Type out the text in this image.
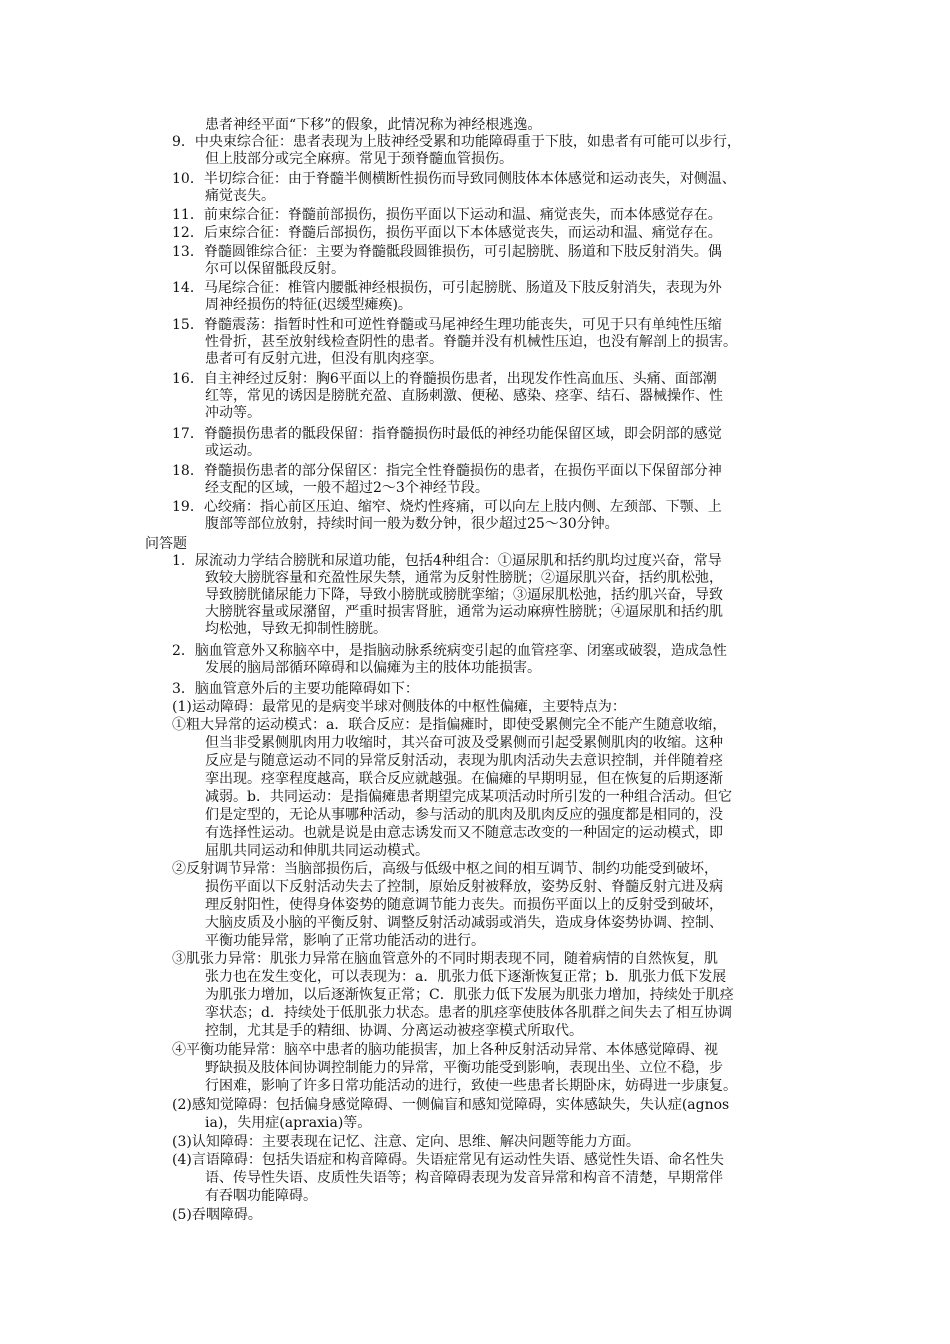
患者神经平面“下移”的假象，此情况称为神经根逃逸。
9．中央束综合征：患者表现为上肢神经受累和功能障碍重于下肢，如患者有可能可以步行，
但上肢部分或完全麻痹。常见于颈脊髓血管损伤。
10．半切综合征：由于脊髓半侧横断性损伤而导致同侧肢体本体感觉和运动丧失，对侧温、
痛觉丧失。
11．前束综合征：脊髓前部损伤，损伤平面以下运动和温、痛觉丧失，而本体感觉存在。
12．后束综合征：脊髓后部损伤，损伤平面以下本体感觉丧失，而运动和温、痛觉存在。
13．脊髓圆锥综合征：主要为脊髓骶段圆锥损伤，可引起膀胱、肠道和下肢反射消失。偶
尔可以保留骶段反射。
14．马尾综合征：椎管内腰骶神经根损伤，可引起膀胱、肠道及下肢反射消失，表现为外
周神经损伤的特征(迟缓型瘫痪)。
15．脊髓震荡：指暂时性和可逆性脊髓或马尾神经生理功能丧失，可见于只有单纯性压缩
性骨折，甚至放射线检查阴性的患者。脊髓并没有机械性压迫，也没有解剖上的损害。
患者可有反射亢进，但没有肌肉痉挛。
16．自主神经过反射：胸6平面以上的脊髓损伤患者，出现发作性高血压、头痛、面部潮
红等，常见的诱因是膀胱充盈、直肠刺激、便秘、感染、痉挛、结石、器械操作、性
冲动等。
17．脊髓损伤患者的骶段保留：指脊髓损伤时最低的神经功能保留区域，即会阴部的感觉
或运动。
18．脊髓损伤患者的部分保留区：指完全性脊髓损伤的患者，在损伤平面以下保留部分神
经支配的区域，一般不超过2～3个神经节段。
19．心绞痛：指心前区压迫、缩窄、烧灼性疼痛，可以向左上肢内侧、左颈部、下颚、上
腹部等部位放射，持续时间一般为数分钟，很少超过25～30分钟。
问答题
1．尿流动力学结合膀胱和尿道功能，包括4种组合：①逼尿肌和括约肌均过度兴奋，常导
致较大膀胱容量和充盈性尿失禁，通常为反射性膀胱；②逼尿肌兴奋，括约肌松弛，
导致膀胱储尿能力下降，导致小膀胱或膀胱挛缩；③逼尿肌松弛，括约肌兴奋，导致
大膀胱容量或尿潴留，严重时损害肾脏，通常为运动麻痹性膀胱；④逼尿肌和括约肌
均松弛，导致无抑制性膀胱。
2．脑血管意外又称脑卒中，是指脑动脉系统病变引起的血管痉挛、闭塞或破裂，造成急性
发展的脑局部循环障碍和以偏瘫为主的肢体功能损害。
3．脑血管意外后的主要功能障碍如下：
(1)运动障碍：最常见的是病变半球对侧肢体的中枢性偏瘫，主要特点为：
①粗大异常的运动模式：a．联合反应：是指偏瘫时，即使受累侧完全不能产生随意收缩，
但当非受累侧肌肉用力收缩时，其兴奋可波及受累侧而引起受累侧肌肉的收缩。这种
反应是与随意运动不同的异常反射活动，表现为肌肉活动失去意识控制，并伴随着痉
挛出现。痉挛程度越高，联合反应就越强。在偏瘫的早期明显，但在恢复的后期逐渐
减弱。b．共同运动：是指偏瘫患者期望完成某项活动时所引发的一种组合活动。但它
们是定型的，无论从事哪种活动，参与活动的肌肉及肌肉反应的强度都是相同的，没
有选择性运动。也就是说是由意志诱发而又不随意志改变的一种固定的运动模式，即
屈肌共同运动和伸肌共同运动模式。
②反射调节异常：当脑部损伤后，高级与低级中枢之间的相互调节、制约功能受到破坏，
损伤平面以下反射活动失去了控制，原始反射被释放，姿势反射、脊髓反射亢进及病
理反射阳性，使得身体姿势的随意调节能力丧失。而损伤平面以上的反射受到破坏，
大脑皮质及小脑的平衡反射、调整反射活动减弱或消失，造成身体姿势协调、控制、
平衡功能异常，影响了正常功能活动的进行。
③肌张力异常：肌张力异常在脑血管意外的不同时期表现不同，随着病情的自然恢复，肌
张力也在发生变化，可以表现为：a．肌张力低下逐渐恢复正常；b．肌张力低下发展
为肌张力增加，以后逐渐恢复正常；C．肌张力低下发展为肌张力增加，持续处于肌痉
挛状态；d．持续处于低肌张力状态。患者的肌痉挛使肢体各肌群之间失去了相互协调
控制，尤其是手的精细、协调、分离运动被痉挛模式所取代。
④平衡功能异常：脑卒中患者的脑功能损害，加上各种反射活动异常、本体感觉障碍、视
野缺损及肢体间协调控制能力的异常，平衡功能受到影响，表现出坐、立位不稳，步
行困难，影响了许多日常功能活动的进行，致使一些患者长期卧床，妨碍进一步康复。
(2)感知觉障碍：包括偏身感觉障碍、一侧偏盲和感知觉障碍，实体感缺失，失认症(agnos
ia)，失用症(apraxia)等。
(3)认知障碍：主要表现在记忆、注意、定向、思维、解决问题等能力方面。
(4)言语障碍：包括失语症和构音障碍。失语症常见有运动性失语、感觉性失语、命名性失
语、传导性失语、皮质性失语等；构音障碍表现为发音异常和构音不清楚，早期常伴
有吞咽功能障碍。
(5)吞咽障碍。
